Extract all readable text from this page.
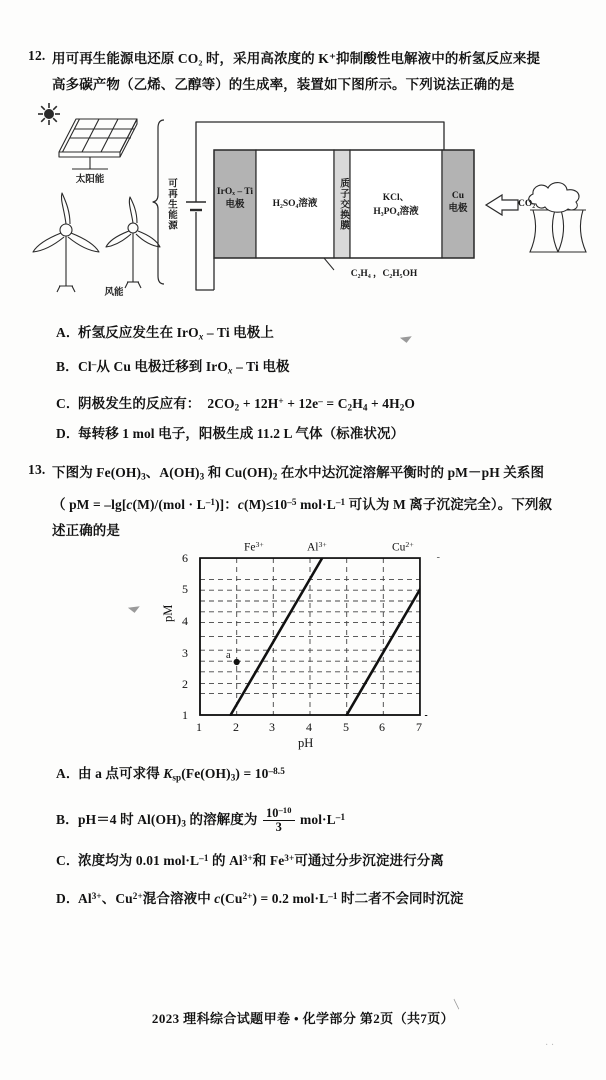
12. 用可再生能源电还原 CO₂ 时，采用高浓度的 K⁺抑制酸性电解液中的析氢反应来提
高多碳产物（乙烯、乙醇等）的生成率，装置如下图所示。下列说法正确的是
太阳能
风能
可再生能源	IrOₓ – Ti
电极	H₂SO₄溶液	质子交换膜	KCl、
H₃PO₄溶液
Cu
电极	CO₂
C₂H₄ ，C₂H₅OH
A．析氢反应发生在 IrO$_x$ – Ti 电极上
B．Cl–从 Cu 电极迁移到 IrO$_x$ – Ti 电极
C．阴极发生的反应有：  $2CO_2 + 12H^+ + 12e^- = C_2H_4 + 4H_2O$
D．每转移 1 mol 电子，阳极生成 11.2 L 气体（标准状况）
13. 下图为 $Fe(OH)_3$、$A(OH)_3$ 和 $Cu(OH)_2$ 在水中达沉淀溶解平衡时的 pM－pH 关系图
（ pM = $-\lg[c(M)/(mol \cdot L^{-1})]$：$c(M)\le 10^{-5}$ $mol\cdot L^{-1}$ 可认为 M 离子沉淀完全）。下列叙
述正确的是
6
5
4
3
2
1
1	2	3	4	5	6	7
pH
pM
$Fe^{3+}$	$Al^{3+}$	$Cu^{2+}$
a
A．由 a 点可求得 $K_{sp}(Fe(OH)_3) = 10^{-8.5}$
B．pH＝4 时 $Al(OH)_3$ 的溶解度为 $\frac{10^{-10}}{3} mol\cdot L^{-1}$
C．浓度均为 0.01 $mol\cdot L^{-1}$ 的 $Al^{3+}$和 $Fe^{3+}$可通过分步沉淀进行分离
D．$Al^{3+}$、$Cu^{2+}$混合溶液中 $c(Cu^{2+}) = 0.2$ $mol\cdot L^{-1}$ 时二者不会同时沉淀
◢
◢
/
· ·
2023 理科综合试题甲卷 • 化学部分 第2页（共7页）
